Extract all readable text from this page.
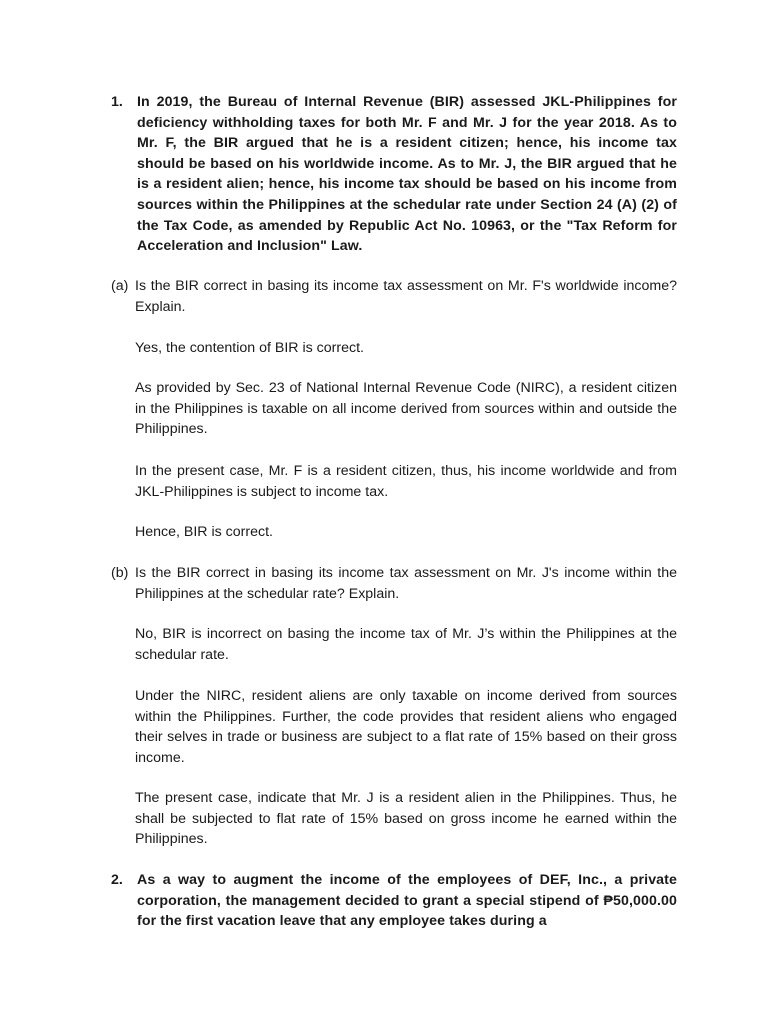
1. In 2019, the Bureau of Internal Revenue (BIR) assessed JKL-Philippines for deficiency withholding taxes for both Mr. F and Mr. J for the year 2018. As to Mr. F, the BIR argued that he is a resident citizen; hence, his income tax should be based on his worldwide income. As to Mr. J, the BIR argued that he is a resident alien; hence, his income tax should be based on his income from sources within the Philippines at the schedular rate under Section 24 (A) (2) of the Tax Code, as amended by Republic Act No. 10963, or the "Tax Reform for Acceleration and Inclusion" Law.
(a) Is the BIR correct in basing its income tax assessment on Mr. F's worldwide income? Explain.
Yes, the contention of BIR is correct.
As provided by Sec. 23 of National Internal Revenue Code (NIRC), a resident citizen in the Philippines is taxable on all income derived from sources within and outside the Philippines.
In the present case, Mr. F is a resident citizen, thus, his income worldwide and from JKL-Philippines is subject to income tax.
Hence, BIR is correct.
(b) Is the BIR correct in basing its income tax assessment on Mr. J's income within the Philippines at the schedular rate? Explain.
No, BIR is incorrect on basing the income tax of Mr. J’s within the Philippines at the schedular rate.
Under the NIRC, resident aliens are only taxable on income derived from sources within the Philippines. Further, the code provides that resident aliens who engaged their selves in trade or business are subject to a flat rate of 15% based on their gross income.
The present case, indicate that Mr. J is a resident alien in the Philippines. Thus, he shall be subjected to flat rate of 15% based on gross income he earned within the Philippines.
2. As a way to augment the income of the employees of DEF, Inc., a private corporation, the management decided to grant a special stipend of ₱50,000.00 for the first vacation leave that any employee takes during a
